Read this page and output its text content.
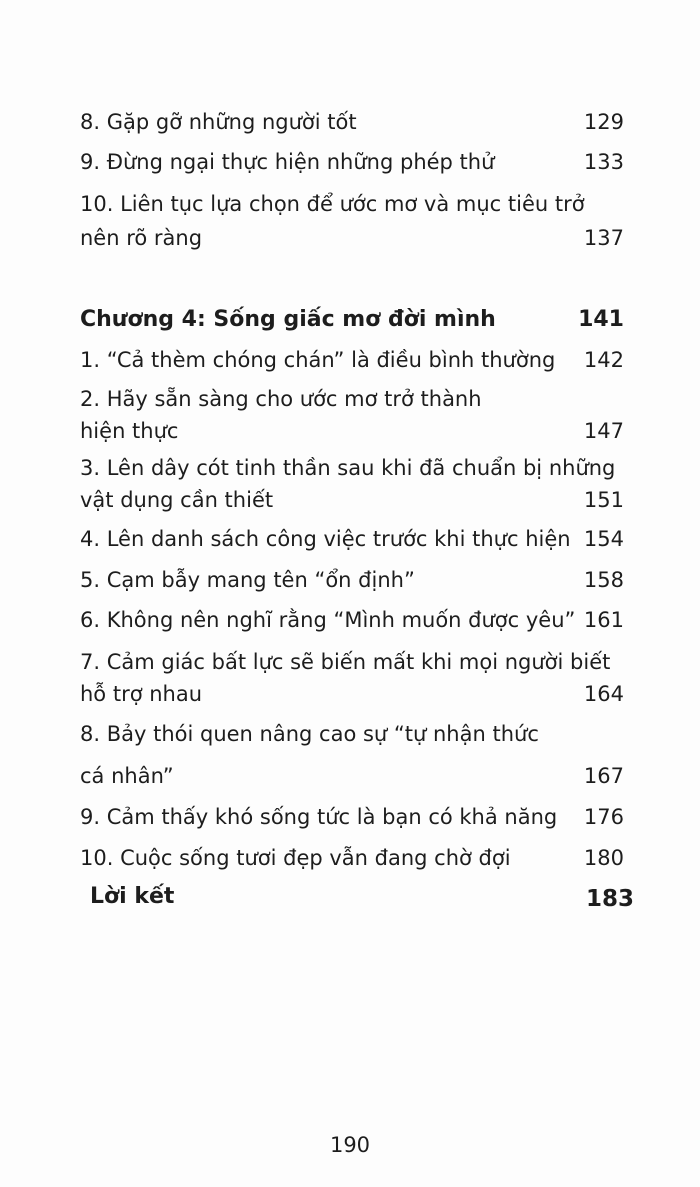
8. Gặp gỡ những người tốt	129
9. Đừng ngại thực hiện những phép thử	133
10. Liên tục lựa chọn để ước mơ và mục tiêu trở
nên rõ ràng	137
Chương 4: Sống giấc mơ đời mình	141
1. “Cả thèm chóng chán” là điều bình thường 142
2. Hãy sẵn sàng cho ước mơ trở thành
hiện thực	147
3. Lên dây cót tinh thần sau khi đã chuẩn bị những
vật dụng cần thiết	151
4. Lên danh sách công việc trước khi thực hiện 154
5. Cạm bẫy mang tên “ổn định”	158
6. Không nên nghĩ rằng “Mình muốn được yêu” 161
7. Cảm giác bất lực sẽ biến mất khi mọi người biết
hỗ trợ nhau	164
8. Bảy thói quen nâng cao sự “tự nhận thức
cá nhân”	167
9. Cảm thấy khó sống tức là bạn có khả năng 176
10. Cuộc sống tươi đẹp vẫn đang chờ đợi	180
Lời kết	183
190
